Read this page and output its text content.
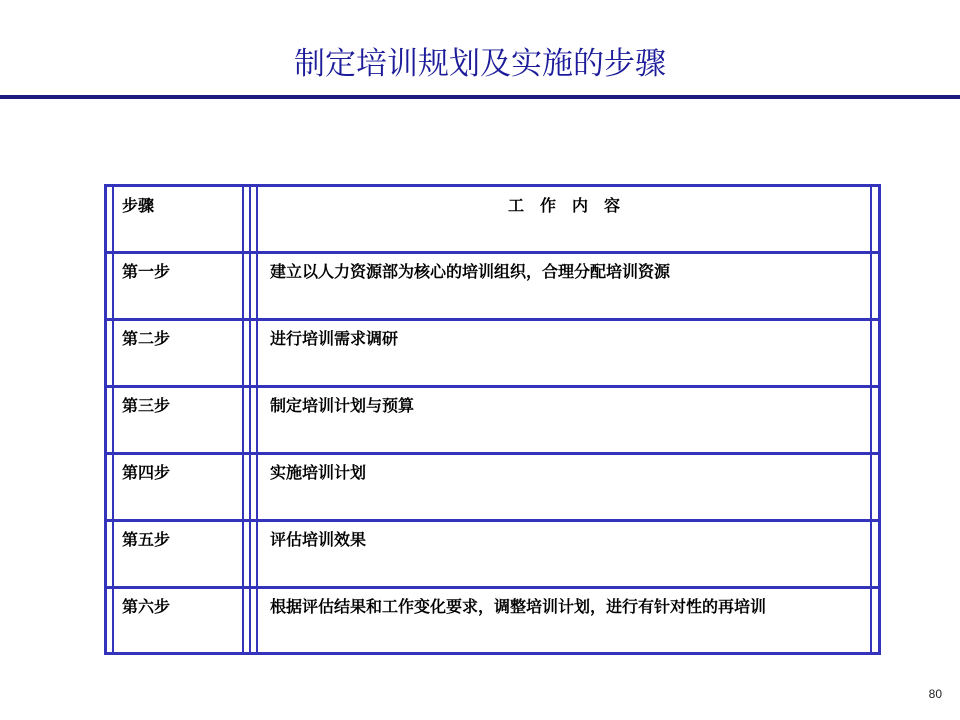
制定培训规划及实施的步骤
步骤	工　作　内　容
第一步	建立以人力资源部为核心的培训组织，合理分配培训资源
第二步	进行培训需求调研
第三步	制定培训计划与预算
第四步	实施培训计划
第五步	评估培训效果
第六步	根据评估结果和工作变化要求，调整培训计划，进行有针对性的再培训
80
